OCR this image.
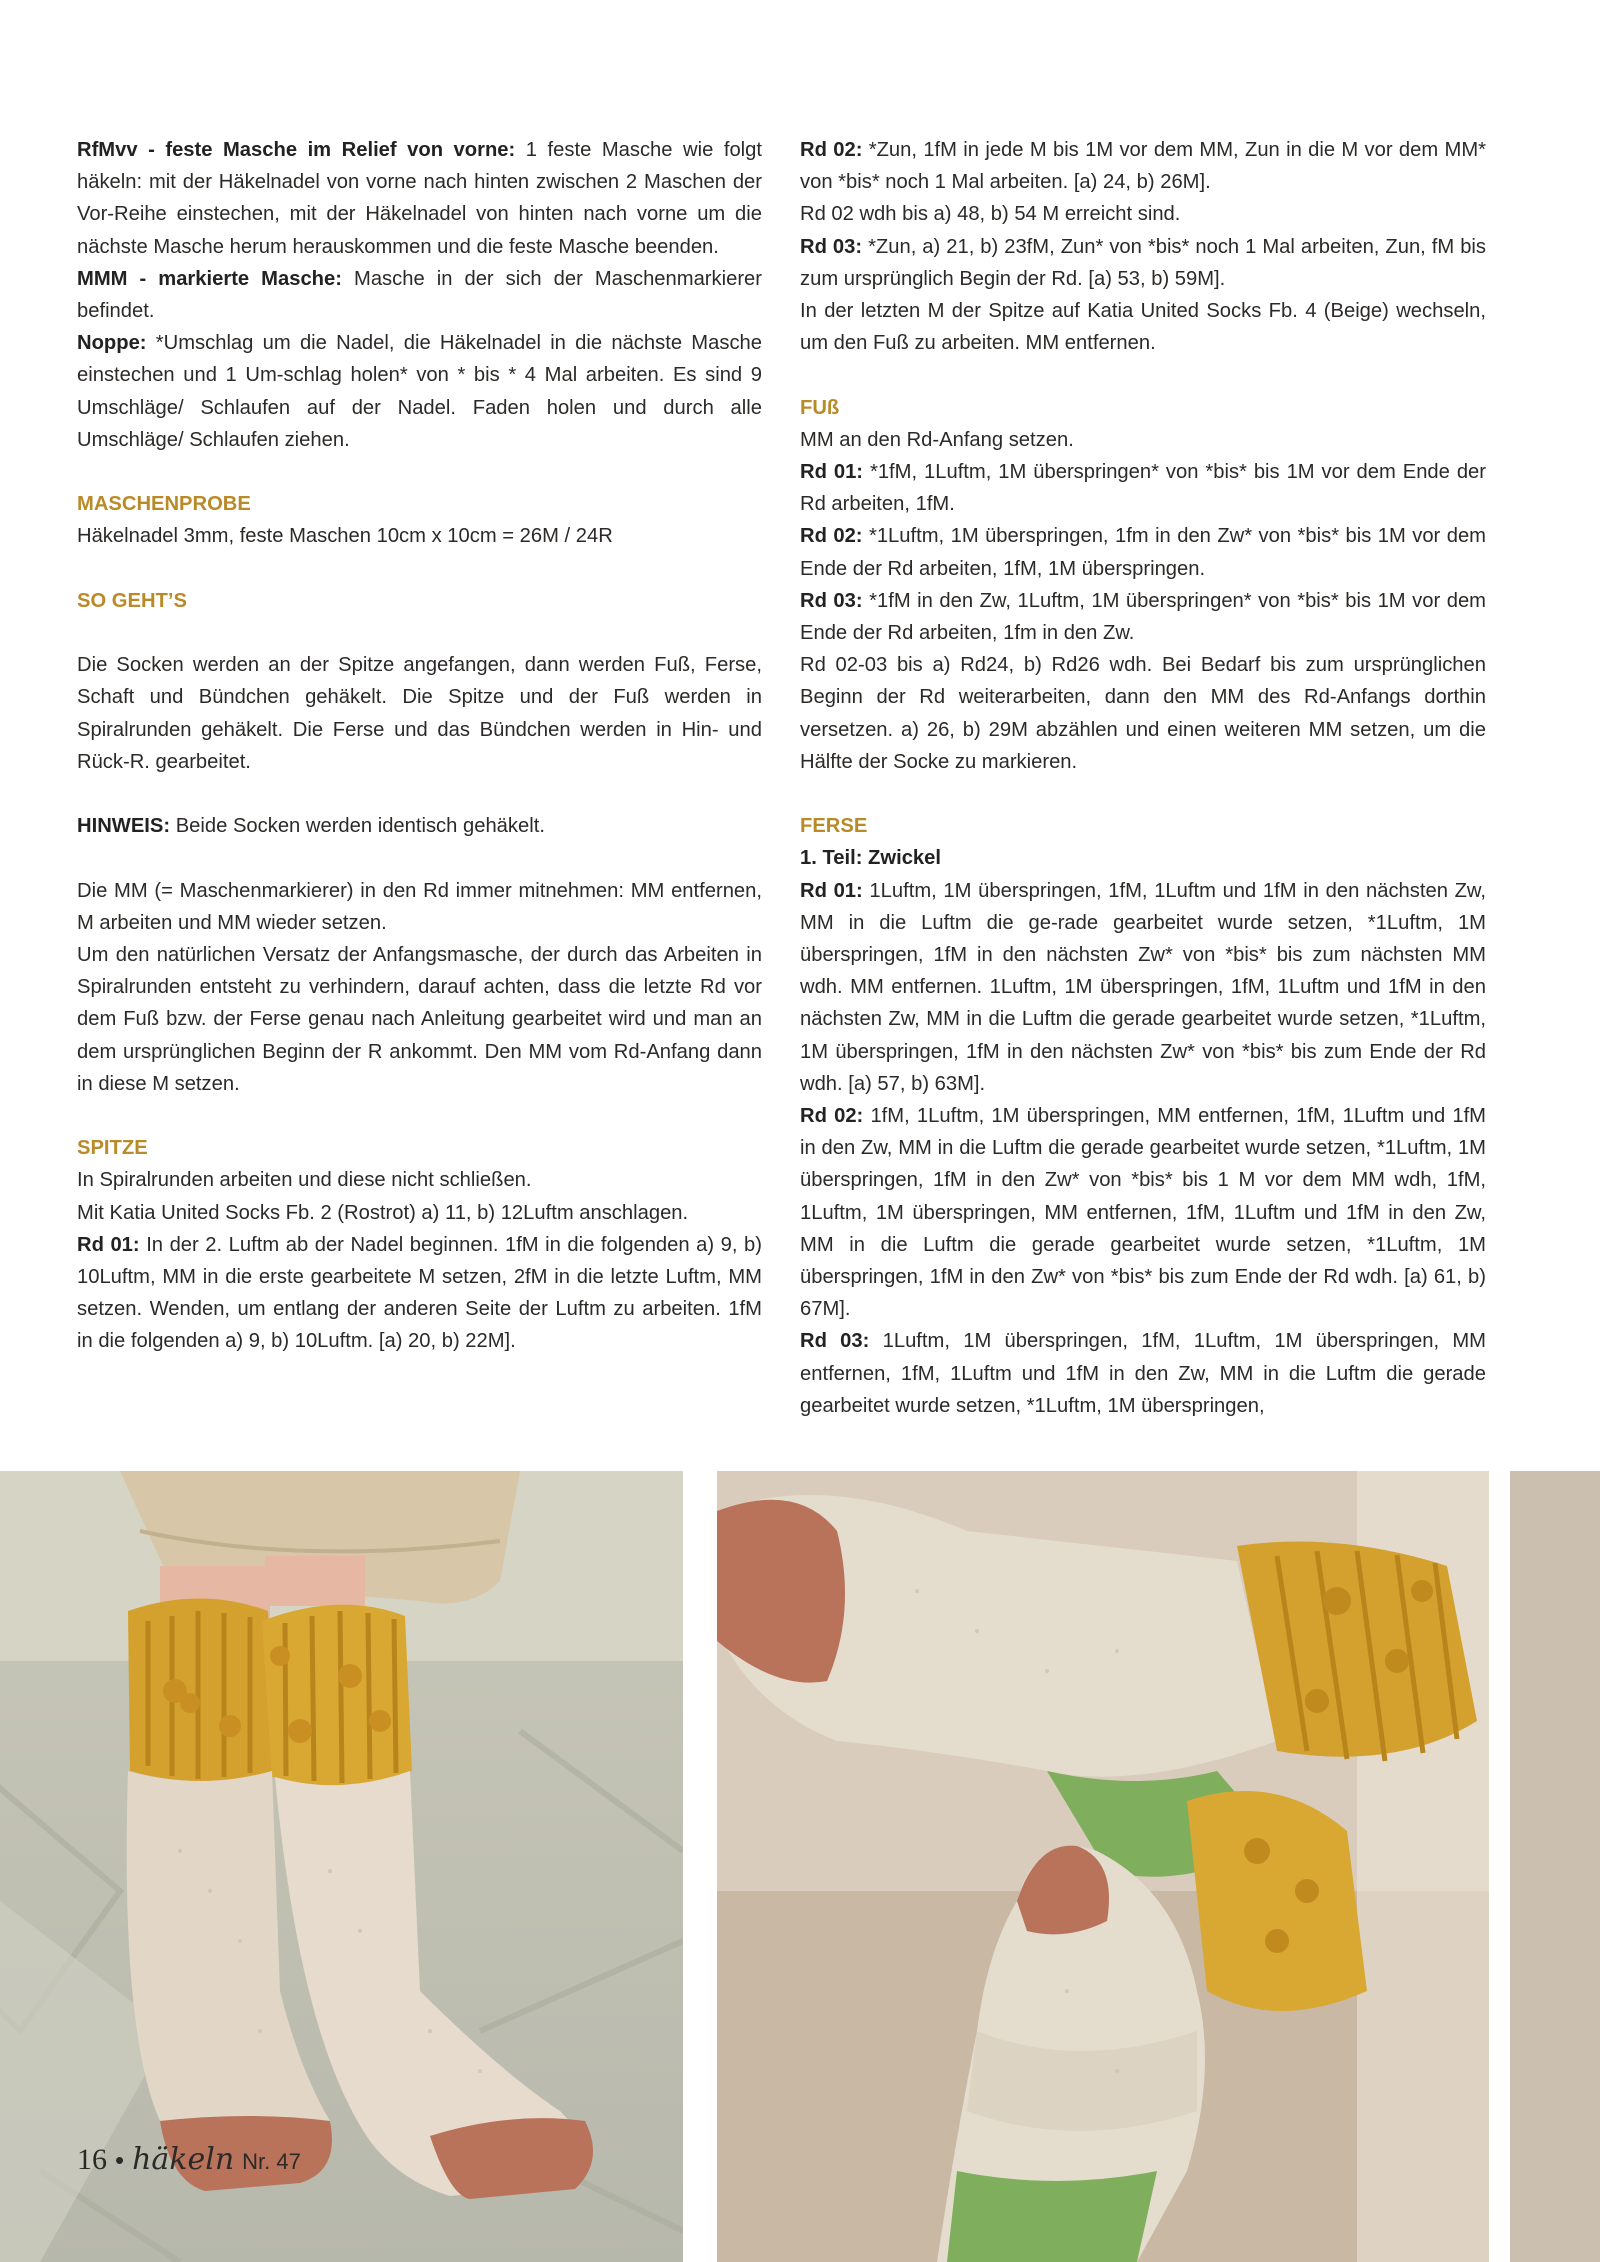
RfMvv - feste Masche im Relief von vorne: 1 feste Masche wie folgt häkeln: mit der Häkelnadel von vorne nach hinten zwischen 2 Maschen der Vor-Reihe einstechen, mit der Häkelnadel von hinten nach vorne um die nächste Masche herum herauskommen und die feste Masche beenden.

MMM - markierte Masche: Masche in der sich der Maschenmarkierer befindet.

Noppe: *Umschlag um die Nadel, die Häkelnadel in die nächste Masche einstechen und 1 Um-schlag holen* von * bis * 4 Mal arbeiten. Es sind 9 Umschläge/ Schlaufen auf der Nadel. Faden holen und durch alle Umschläge/ Schlaufen ziehen.

MASCHENPROBE

Häkelnadel 3mm, feste Maschen 10cm x 10cm = 26M / 24R

SO GEHT’S

Die Socken werden an der Spitze angefangen, dann werden Fuß, Ferse, Schaft und Bündchen gehäkelt. Die Spitze und der Fuß werden in Spiralrunden gehäkelt. Die Ferse und das Bündchen werden in Hin- und Rück-R. gearbeitet.

HINWEIS: Beide Socken werden identisch gehäkelt.

Die MM (= Maschenmarkierer) in den Rd immer mitnehmen: MM entfernen, M arbeiten und MM wieder setzen.

Um den natürlichen Versatz der Anfangsmasche, der durch das Arbeiten in Spiralrunden entsteht zu verhindern, darauf achten, dass die letzte Rd vor dem Fuß bzw. der Ferse genau nach Anleitung gearbeitet wird und man an dem ursprünglichen Beginn der R ankommt. Den MM vom Rd-Anfang dann in diese M setzen.

SPITZE

In Spiralrunden arbeiten und diese nicht schließen.

Mit Katia United Socks Fb. 2 (Rostrot) a) 11, b) 12Luftm anschlagen.

Rd 01: In der 2. Luftm ab der Nadel beginnen. 1fM in die folgenden a) 9, b) 10Luftm, MM in die erste gearbeitete M setzen, 2fM in die letzte Luftm, MM setzen. Wenden, um entlang der anderen Seite der Luftm zu arbeiten. 1fM in die folgenden a) 9, b) 10Luftm. [a) 20, b) 22M].

Rd 02: *Zun, 1fM in jede M bis 1M vor dem MM, Zun in die M vor dem MM* von *bis* noch 1 Mal arbeiten. [a) 24, b) 26M].

Rd 02 wdh bis a) 48, b) 54 M erreicht sind.

Rd 03: *Zun, a) 21, b) 23fM, Zun* von *bis* noch 1 Mal arbeiten, Zun, fM bis zum ursprünglich Begin der Rd. [a) 53, b) 59M].

In der letzten M der Spitze auf Katia United Socks Fb. 4 (Beige) wechseln, um den Fuß zu arbeiten. MM entfernen.

FUß

MM an den Rd-Anfang setzen.

Rd 01: *1fM, 1Luftm, 1M überspringen* von *bis* bis 1M vor dem Ende der Rd arbeiten, 1fM.

Rd 02: *1Luftm, 1M überspringen, 1fm in den Zw* von *bis* bis 1M vor dem Ende der Rd arbeiten, 1fM, 1M überspringen.

Rd 03: *1fM in den Zw, 1Luftm, 1M überspringen* von *bis* bis 1M vor dem Ende der Rd arbeiten, 1fm in den Zw.

Rd 02-03 bis a) Rd24, b) Rd26 wdh. Bei Bedarf bis zum ursprünglichen Beginn der Rd weiterarbeiten, dann den MM des Rd-Anfangs dorthin versetzen. a) 26, b) 29M abzählen und einen weiteren MM setzen, um die Hälfte der Socke zu markieren.

FERSE

1. Teil: Zwickel

Rd 01: 1Luftm, 1M überspringen, 1fM, 1Luftm und 1fM in den nächsten Zw, MM in die Luftm die ge-rade gearbeitet wurde setzen, *1Luftm, 1M überspringen, 1fM in den nächsten Zw* von *bis* bis zum nächsten MM wdh. MM entfernen. 1Luftm, 1M überspringen, 1fM, 1Luftm und 1fM in den nächsten Zw, MM in die Luftm die gerade gearbeitet wurde setzen, *1Luftm, 1M überspringen, 1fM in den nächsten Zw* von *bis* bis zum Ende der Rd wdh. [a) 57, b) 63M].

Rd 02: 1fM, 1Luftm, 1M überspringen, MM entfernen, 1fM, 1Luftm und 1fM in den Zw, MM in die Luftm die gerade gearbeitet wurde setzen, *1Luftm, 1M überspringen, 1fM in den Zw* von *bis* bis 1 M vor dem MM wdh, 1fM, 1Luftm, 1M überspringen, MM entfernen, 1fM, 1Luftm und 1fM in den Zw, MM in die Luftm die gerade gearbeitet wurde setzen, *1Luftm, 1M überspringen, 1fM in den Zw* von *bis* bis zum Ende der Rd wdh. [a) 61, b) 67M].

Rd 03: 1Luftm, 1M überspringen, 1fM, 1Luftm, 1M überspringen, MM entfernen, 1fM, 1Luftm und 1fM in den Zw, MM in die Luftm die gerade gearbeitet wurde setzen, *1Luftm, 1M überspringen,

16 • häkeln Nr. 47
